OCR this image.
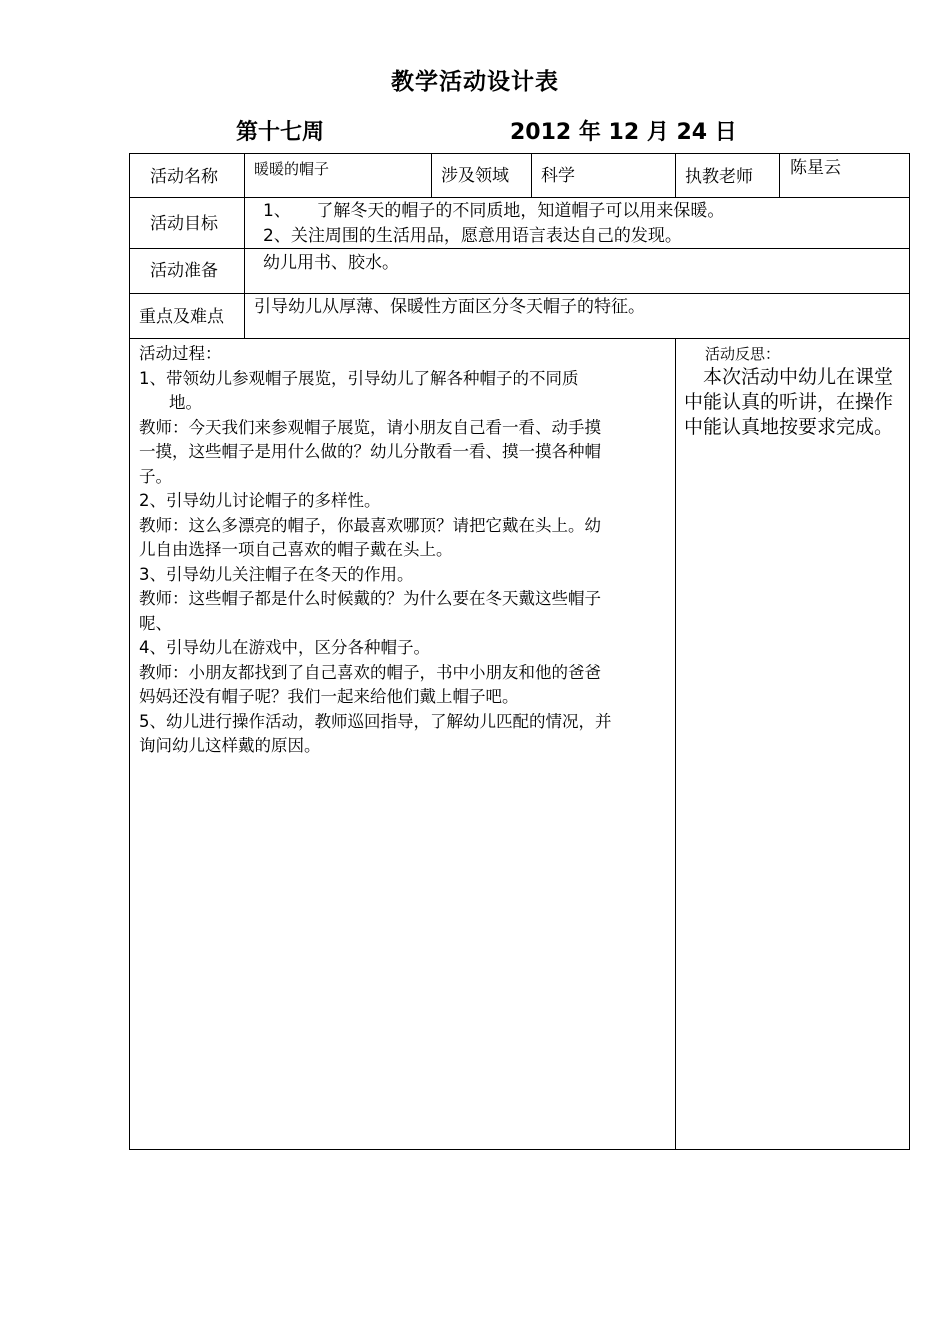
教学活动设计表
第十七周	2012 年 12 月 24 日
活动名称 暖暖的帽子	涉及领域 科学	执教老师 陈星云
活动目标
1、　　了解冬天的帽子的不同质地，知道帽子可以用来保暖。
2、关注周围的生活用品，愿意用语言表达自己的发现。
活动准备	幼儿用书、胶水。
重点及难点 引导幼儿从厚薄、保暖性方面区分冬天帽子的特征。
活动过程：
1、带领幼儿参观帽子展览，引导幼儿了解各种帽子的不同质
地。
教师：今天我们来参观帽子展览，请小朋友自己看一看、动手摸
一摸，这些帽子是用什么做的？幼儿分散看一看、摸一摸各种帽
子。
2、引导幼儿讨论帽子的多样性。
教师：这么多漂亮的帽子，你最喜欢哪顶？请把它戴在头上。幼
儿自由选择一项自己喜欢的帽子戴在头上。
3、引导幼儿关注帽子在冬天的作用。
教师：这些帽子都是什么时候戴的？为什么要在冬天戴这些帽子
呢、
4、引导幼儿在游戏中，区分各种帽子。
教师：小朋友都找到了自己喜欢的帽子，书中小朋友和他的爸爸
妈妈还没有帽子呢？我们一起来给他们戴上帽子吧。
5、幼儿进行操作活动，教师巡回指导，了解幼儿匹配的情况，并
询问幼儿这样戴的原因。
活动反思：
本次活动中幼儿在课堂中能认真的听讲，在操作中能认真地按要求完成。
